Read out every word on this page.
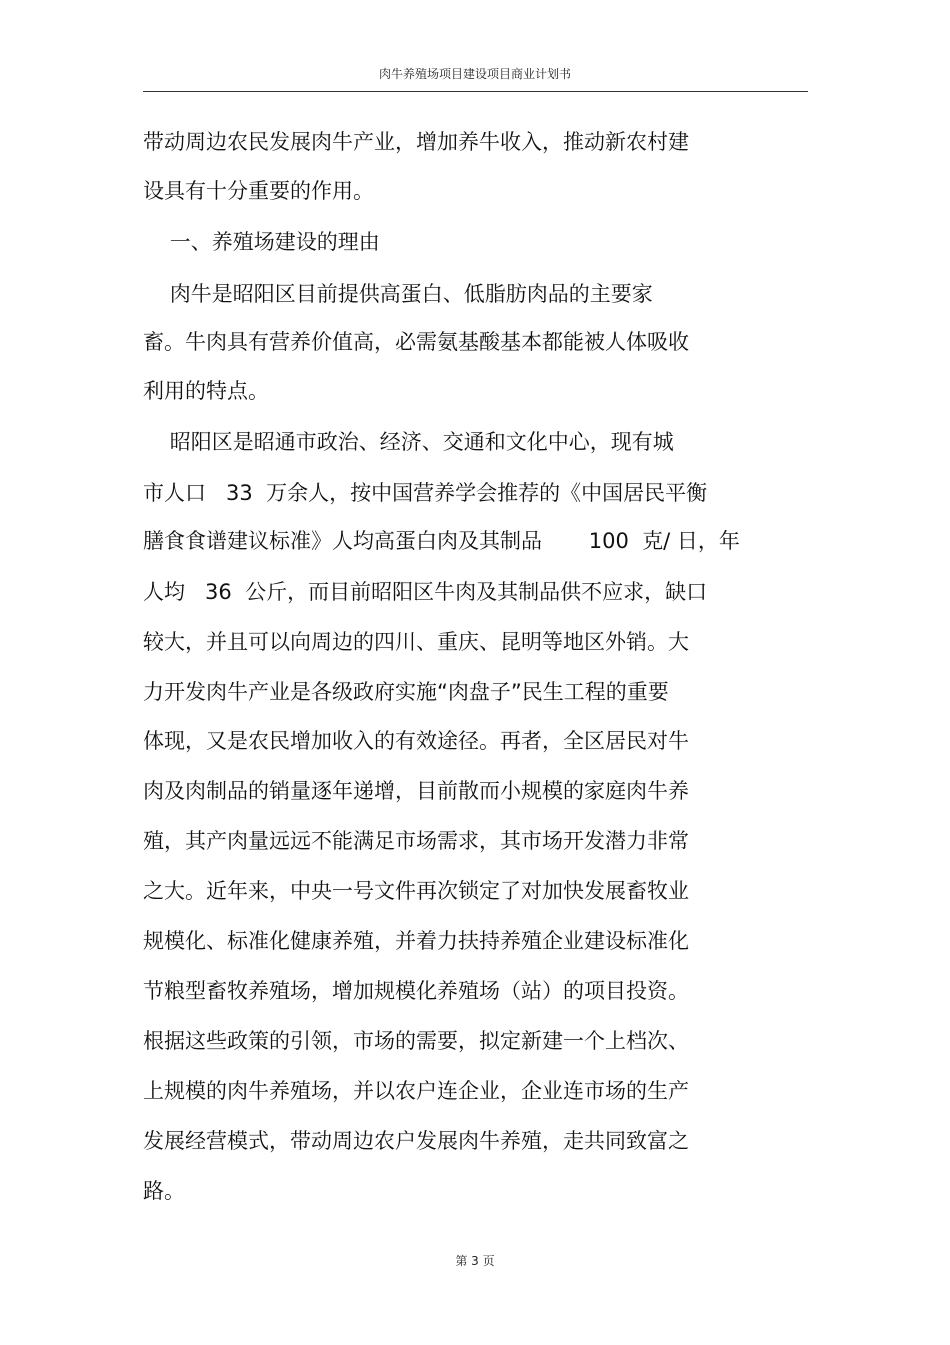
肉牛养殖场项目建设项目商业计划书
带动周边农民发展肉牛产业，增加养牛收入，推动新农村建
设具有十分重要的作用。
一、养殖场建设的理由
肉牛是昭阳区目前提供高蛋白、低脂肪肉品的主要家
畜。牛肉具有营养价值高，必需氨基酸基本都能被人体吸收
利用的特点。
昭阳区是昭通市政治、经济、交通和文化中心，现有城
市人口   33  万余人，按中国营养学会推荐的《中国居民平衡
膳食食谱建议标准》人均高蛋白肉及其制品       100  克/ 日，年
人均   36  公斤，而目前昭阳区牛肉及其制品供不应求，缺口
较大，并且可以向周边的四川、重庆、昆明等地区外销。大
力开发肉牛产业是各级政府实施“肉盘子”民生工程的重要
体现，又是农民增加收入的有效途径。再者，全区居民对牛
肉及肉制品的销量逐年递增，目前散而小规模的家庭肉牛养
殖，其产肉量远远不能满足市场需求，其市场开发潜力非常
之大。近年来，中央一号文件再次锁定了对加快发展畜牧业
规模化、标准化健康养殖，并着力扶持养殖企业建设标准化
节粮型畜牧养殖场，增加规模化养殖场（站）的项目投资。
根据这些政策的引领，市场的需要，拟定新建一个上档次、
上规模的肉牛养殖场，并以农户连企业，企业连市场的生产
发展经营模式，带动周边农户发展肉牛养殖，走共同致富之
路。
第 3 页
